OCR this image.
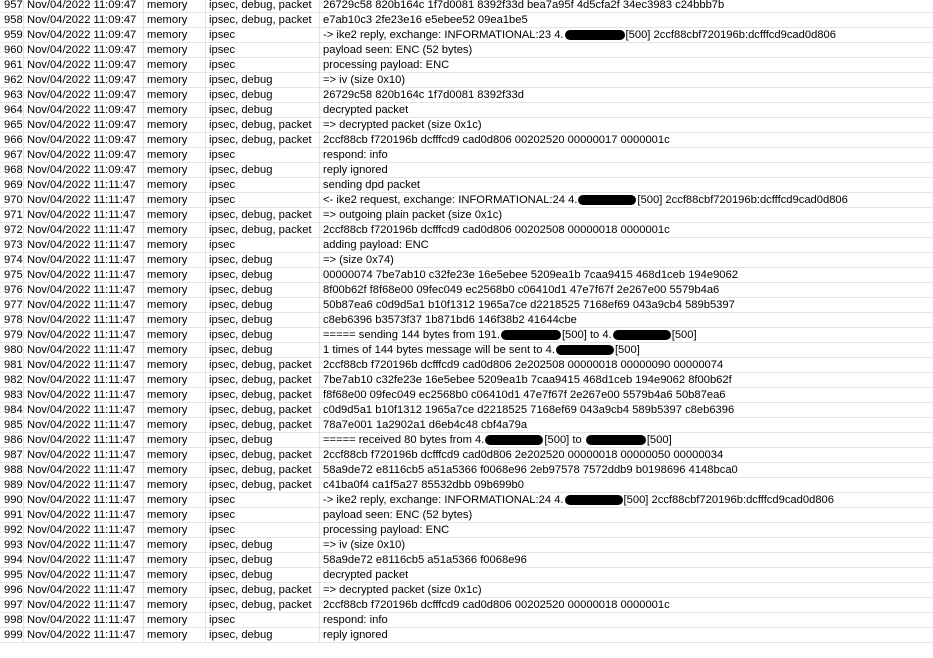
957 Nov/04/2022 11:09:47 memory	ipsec, debug, packet	26729c58 820b164c 1f7d0081 8392f33d bea7a95f 4d5cfa2f 34ec3983 c24bbb7b
958 Nov/04/2022 11:09:47 memory	ipsec, debug, packet	e7ab10c3 2fe23e16 e5ebee52 09ea1be5
959 Nov/04/2022 11:09:47 memory	ipsec	-> ike2 reply, exchange: INFORMATIONAL:23 4.	[500] 2ccf88cbf720196b:dcfffcd9cad0d806
960 Nov/04/2022 11:09:47 memory	ipsec	payload seen: ENC (52 bytes)
961 Nov/04/2022 11:09:47 memory	ipsec	processing payload: ENC
962 Nov/04/2022 11:09:47 memory	ipsec, debug	=> iv (size 0x10)
963 Nov/04/2022 11:09:47 memory	ipsec, debug	26729c58 820b164c 1f7d0081 8392f33d
964 Nov/04/2022 11:09:47 memory	ipsec, debug	decrypted packet
965 Nov/04/2022 11:09:47 memory	ipsec, debug, packet	=> decrypted packet (size 0x1c)
966 Nov/04/2022 11:09:47 memory	ipsec, debug, packet	2ccf88cb f720196b dcfffcd9 cad0d806 00202520 00000017 0000001c
967 Nov/04/2022 11:09:47 memory	ipsec	respond: info
968 Nov/04/2022 11:09:47 memory	ipsec, debug	reply ignored
969 Nov/04/2022 11:11:47	memory	ipsec	sending dpd packet
970 Nov/04/2022 11:11:47	memory	ipsec	<- ike2 request, exchange: INFORMATIONAL:24 4.	[500] 2ccf88cbf720196b:dcfffcd9cad0d806
971 Nov/04/2022 11:11:47	memory	ipsec, debug, packet	=> outgoing plain packet (size 0x1c)
972 Nov/04/2022 11:11:47	memory	ipsec, debug, packet	2ccf88cb f720196b dcfffcd9 cad0d806 00202508 00000018 0000001c
973 Nov/04/2022 11:11:47	memory	ipsec	adding payload: ENC
974 Nov/04/2022 11:11:47	memory	ipsec, debug	=> (size 0x74)
975 Nov/04/2022 11:11:47	memory	ipsec, debug	00000074 7be7ab10 c32fe23e 16e5ebee 5209ea1b 7caa9415 468d1ceb 194e9062
976 Nov/04/2022 11:11:47	memory	ipsec, debug	8f00b62f f8f68e00 09fec049 ec2568b0 c06410d1 47e7f67f 2e267e00 5579b4a6
977 Nov/04/2022 11:11:47	memory	ipsec, debug	50b87ea6 c0d9d5a1 b10f1312 1965a7ce d2218525 7168ef69 043a9cb4 589b5397
978 Nov/04/2022 11:11:47	memory	ipsec, debug	c8eb6396 b3573f37 1b871bd6 146f38b2 41644cbe
979 Nov/04/2022 11:11:47	memory	ipsec, debug	===== sending 144 bytes from 191.	[500] to 4.	[500]
980 Nov/04/2022 11:11:47	memory	ipsec, debug	1 times of 144 bytes message will be sent to 4.	[500]
981 Nov/04/2022 11:11:47	memory	ipsec, debug, packet	2ccf88cb f720196b dcfffcd9 cad0d806 2e202508 00000018 00000090 00000074
982 Nov/04/2022 11:11:47	memory	ipsec, debug, packet	7be7ab10 c32fe23e 16e5ebee 5209ea1b 7caa9415 468d1ceb 194e9062 8f00b62f
983 Nov/04/2022 11:11:47	memory	ipsec, debug, packet	f8f68e00 09fec049 ec2568b0 c06410d1 47e7f67f 2e267e00 5579b4a6 50b87ea6
984 Nov/04/2022 11:11:47	memory	ipsec, debug, packet	c0d9d5a1 b10f1312 1965a7ce d2218525 7168ef69 043a9cb4 589b5397 c8eb6396
985 Nov/04/2022 11:11:47	memory	ipsec, debug, packet	78a7e001 1a2902a1 d6eb4c48 cbf4a79a
986 Nov/04/2022 11:11:47	memory	ipsec, debug	===== received 80 bytes from 4.	[500] to	[500]
987 Nov/04/2022 11:11:47	memory	ipsec, debug, packet	2ccf88cb f720196b dcfffcd9 cad0d806 2e202520 00000018 00000050 00000034
988 Nov/04/2022 11:11:47	memory	ipsec, debug, packet	58a9de72 e8116cb5 a51a5366 f0068e96 2eb97578 7572ddb9 b0198696 4148bca0
989 Nov/04/2022 11:11:47	memory	ipsec, debug, packet	c41ba0f4 ca1f5a27 85532dbb 09b699b0
990 Nov/04/2022 11:11:47	memory	ipsec	-> ike2 reply, exchange: INFORMATIONAL:24 4.	[500] 2ccf88cbf720196b:dcfffcd9cad0d806
991 Nov/04/2022 11:11:47	memory	ipsec	payload seen: ENC (52 bytes)
992 Nov/04/2022 11:11:47	memory	ipsec	processing payload: ENC
993 Nov/04/2022 11:11:47	memory	ipsec, debug	=> iv (size 0x10)
994 Nov/04/2022 11:11:47	memory	ipsec, debug	58a9de72 e8116cb5 a51a5366 f0068e96
995 Nov/04/2022 11:11:47	memory	ipsec, debug	decrypted packet
996 Nov/04/2022 11:11:47	memory	ipsec, debug, packet	=> decrypted packet (size 0x1c)
997 Nov/04/2022 11:11:47	memory	ipsec, debug, packet	2ccf88cb f720196b dcfffcd9 cad0d806 00202520 00000018 0000001c
998 Nov/04/2022 11:11:47	memory	ipsec	respond: info
999 Nov/04/2022 11:11:47	memory	ipsec, debug	reply ignored
